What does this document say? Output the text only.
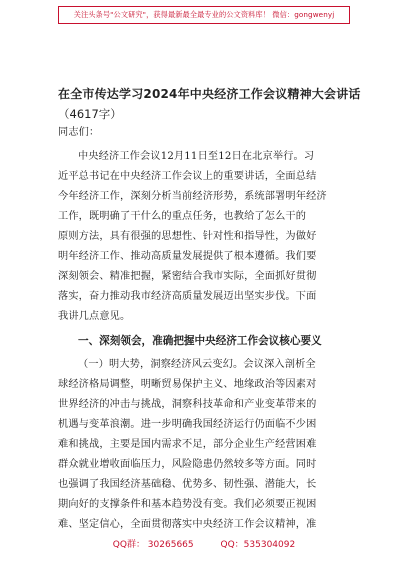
关注头条号"公文研究"，获得最新最全最专业的公文资料库！ 微信：gongwenyj
在全市传达学习2024年中央经济工作会议精神大会讲话
（4617字）
同志们：
中央经济工作会议12月11日至12日在北京举行。习
近平总书记在中央经济工作会议上的重要讲话，全面总结
今年经济工作，深刻分析当前经济形势，系统部署明年经济
工作，既明确了干什么的重点任务，也教给了怎么干的
原则方法，具有很强的思想性、针对性和指导性，为做好
明年经济工作、推动高质量发展提供了根本遵循。我们要
深刻领会、精准把握，紧密结合我市实际，全面抓好贯彻
落实，奋力推动我市经济高质量发展迈出坚实步伐。下面
我讲几点意见。
一、深刻领会，准确把握中央经济工作会议核心要义
（一）明大势，洞察经济风云变幻。会议深入剖析全
球经济格局调整，明晰贸易保护主义、地缘政治等因素对
世界经济的冲击与挑战，洞察科技革命和产业变革带来的
机遇与变革浪潮。进一步明确我国经济运行仍面临不少困
难和挑战，主要是国内需求不足，部分企业生产经营困难
群众就业增收面临压力，风险隐患仍然较多等方面。同时
也强调了我国经济基础稳、优势多、韧性强、潜能大，长
期向好的支撑条件和基本趋势没有变。我们必须要正视困
难、坚定信心，全面贯彻落实中央经济工作会议精神，准
QQ群： 30265665	QQ：535304092
